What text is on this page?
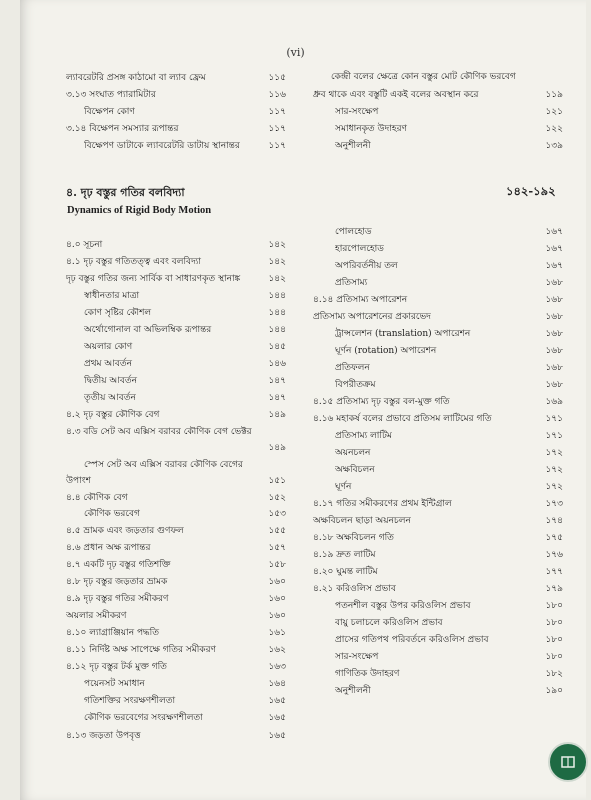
(vi)
ল্যাবরেটরি প্রসঙ্গ কাঠামো বা ল্যাব ফ্রেম	১১৫
৩.১৩ সংঘাত প্যারামিটার	১১৬
বিক্ষেপন কোণ	১১৭
৩.১৪ বিক্ষেপন সমস্যার রূপান্তর	১১৭
বিক্ষেপণ ডাটাকে ল্যাবরেটরি ডাটায় স্থানান্তর	১১৭
কেন্দ্রী বলের ক্ষেত্রে কোন বস্তুর মোট কৌণিক ভরবেগ
ধ্রুব থাকে এবং বস্তুটি একই বলের অবস্থান করে	১১৯
সার-সংক্ষেপ	১২১
সমাধানকৃত উদাহরণ	১২২
অনুশীলনী	১৩৯
৪. দৃঢ় বস্তুর গতির বলবিদ্যা
Dynamics of Rigid Body Motion
১৪২-১৯২
৪.০ সূচনা	১৪২
৪.১ দৃঢ় বস্তুর গতিতত্ত্ব এবং বলবিদ্যা	১৪২
দৃঢ় বস্তুর গতির জন্য সার্বিক বা সাধারণকৃত স্থানাঙ্ক	১৪২
স্বাধীনতার মাত্রা	১৪৪
কোণ সৃষ্টির কৌশল	১৪৪
অর্থোগোনাল বা অভিলম্বিক রূপান্তর	১৪৪
অয়লার কোণ	১৪৫
প্রথম আবর্তন	১৪৬
দ্বিতীয় আবর্তন	১৪৭
তৃতীয় আবর্তন	১৪৭
৪.২ দৃঢ় বস্তুর কৌণিক বেগ	১৪৯
৪.৩ বডি সেট অব এক্সিস বরাবর কৌণিক বেগ ভেক্টর
১৪৯
স্পেস সেট অব এক্সিস বরাবর কৌণিক বেগের
উপাংশ	১৫১
৪.৪ কৌণিক বেগ	১৫২
কৌণিক ভরবেগ	১৫৩
৪.৫ ভ্রামক এবং জড়তার গুণফল	১৫৫
৪.৬ প্রধান অক্ষ রূপান্তর	১৫৭
৪.৭ একটি দৃঢ় বস্তুর গতিশক্তি	১৫৮
৪.৮ দৃঢ় বস্তুর জড়তার ভ্রামক	১৬০
৪.৯ দৃঢ় বস্তুর গতির সমীকরণ	১৬০
অয়লার সমীকরণ	১৬০
৪.১০ ল্যাগ্রাঞ্জিয়ান পদ্ধতি	১৬১
৪.১১ নির্দিষ্ট অক্ষ সাপেক্ষে গতির সমীকরণ	১৬২
৪.১২ দৃঢ় বস্তুর টর্ক মুক্ত গতি	১৬৩
পয়েনসট সমাধান	১৬৪
গতিশক্তির সংরক্ষণশীলতা	১৬৫
কৌণিক ভরবেগের সংরক্ষণশীলতা	১৬৫
৪.১৩ জড়তা উপবৃত্ত	১৬৫
পোলহোড	১৬৭
হারপোলহোড	১৬৭
অপরিবর্তনীয় তল	১৬৭
প্রতিসাম্য	১৬৮
৪.১৪ প্রতিসাম্য অপারেশন	১৬৮
প্রতিসাম্য অপারেশনের প্রকারভেদ	১৬৮
ট্রান্সলেশন (translation) অপারেশন	১৬৮
ঘূর্ণন (rotation) অপারেশন	১৬৮
প্রতিফলন	১৬৮
বিপরীতক্রম	১৬৮
৪.১৫ প্রতিসাম্য দৃঢ় বস্তুর বল-মুক্ত গতি	১৬৯
৪.১৬ মহাকর্ষ বলের প্রভাবে প্রতিসম লাটিমের গতি	১৭১
প্রতিসাম্য লাটিম	১৭১
অয়নচলন	১৭২
অক্ষবিচলন	১৭২
ঘূর্ণন	১৭২
৪.১৭ গতির সমীকরণের প্রথম ইন্টিগ্রাল	১৭৩
অক্ষবিচলন ছাড়া অয়নচলন	১৭৪
৪.১৮ অক্ষবিচলন গতি	১৭৫
৪.১৯ দ্রুত লাটিম	১৭৬
৪.২০ ঘুমন্ত লাটিম	১৭৭
৪.২১ করিওলিস প্রভাব	১৭৯
পতনশীল বস্তুর উপর করিওলিস প্রভাব	১৮০
বায়ু চলাচলে করিওলিস প্রভাব	১৮০
প্রাসের গতিপথ পরিবর্তনে করিওলিস প্রভাব	১৮০
সার-সংক্ষেপ	১৮০
গাণিতিক উদাহরণ	১৮২
অনুশীলনী	১৯০
